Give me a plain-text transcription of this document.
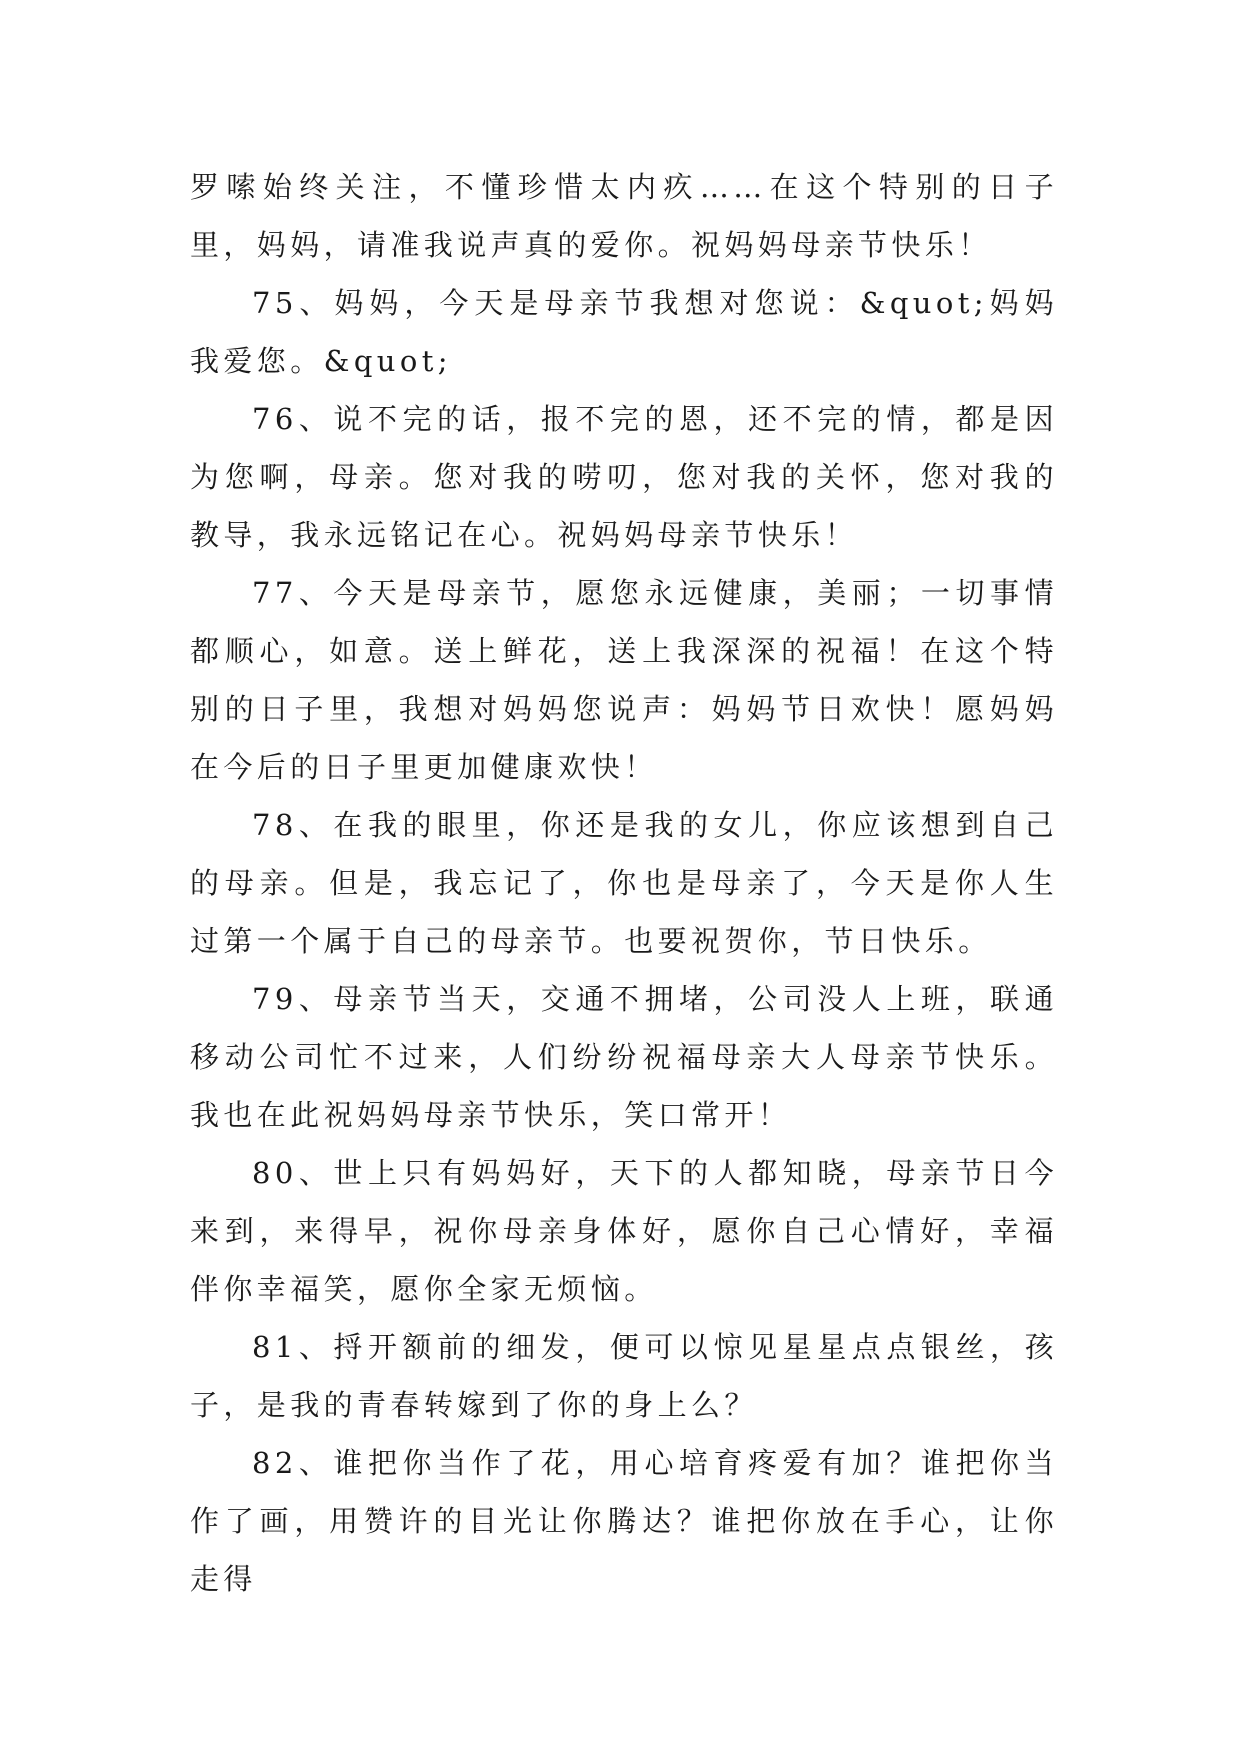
罗嗦始终关注，不懂珍惜太内疚……在这个特别的日子里，妈妈，请准我说声真的爱你。祝妈妈母亲节快乐！

75、妈妈，今天是母亲节我想对您说：&quot;妈妈我爱您。&quot;

76、说不完的话，报不完的恩，还不完的情，都是因为您啊，母亲。您对我的唠叨，您对我的关怀，您对我的教导，我永远铭记在心。祝妈妈母亲节快乐！

77、今天是母亲节，愿您永远健康，美丽；一切事情都顺心，如意。送上鲜花，送上我深深的祝福！在这个特别的日子里，我想对妈妈您说声：妈妈节日欢快！愿妈妈在今后的日子里更加健康欢快！

78、在我的眼里，你还是我的女儿，你应该想到自己的母亲。但是，我忘记了，你也是母亲了，今天是你人生过第一个属于自己的母亲节。也要祝贺你，节日快乐。

79、母亲节当天，交通不拥堵，公司没人上班，联通移动公司忙不过来，人们纷纷祝福母亲大人母亲节快乐。我也在此祝妈妈母亲节快乐，笑口常开！

80、世上只有妈妈好，天下的人都知晓，母亲节日今来到，来得早，祝你母亲身体好，愿你自己心情好，幸福伴你幸福笑，愿你全家无烦恼。

81、捋开额前的细发，便可以惊见星星点点银丝，孩子，是我的青春转嫁到了你的身上么？

82、谁把你当作了花，用心培育疼爱有加？谁把你当作了画，用赞许的目光让你腾达？谁把你放在手心，让你走得
